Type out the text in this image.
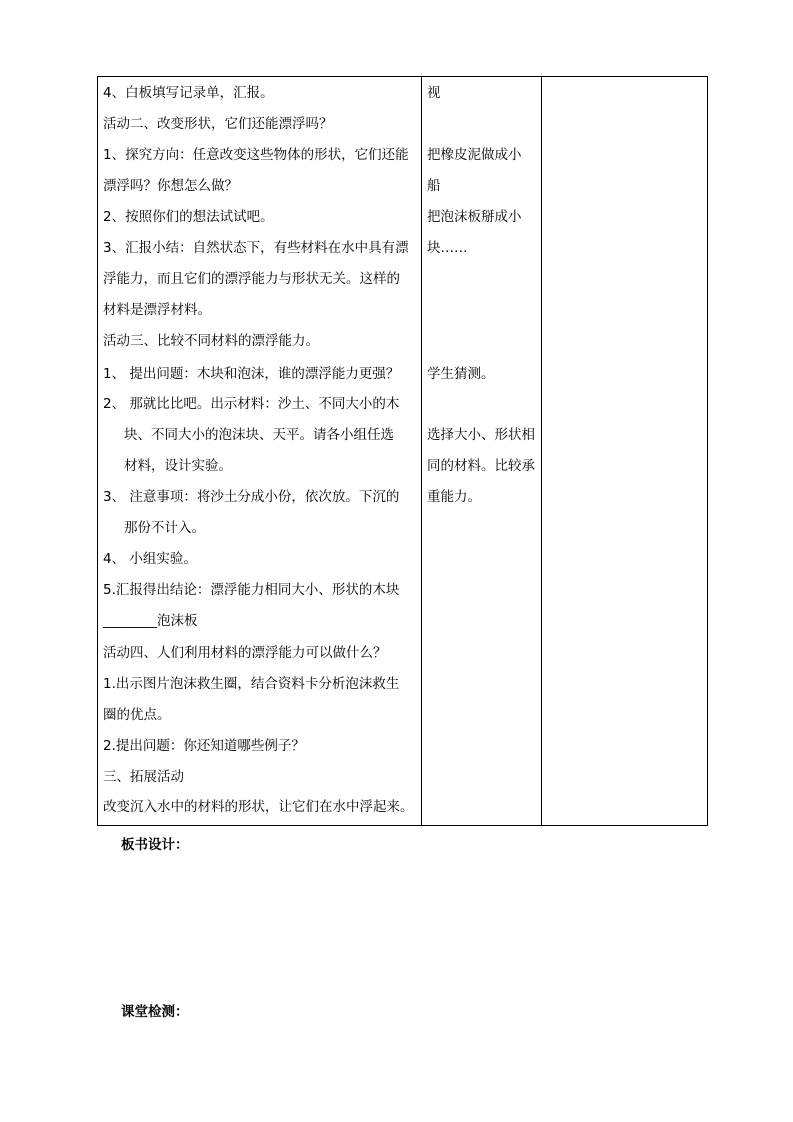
4、白板填写记录单，汇报。
活动二、改变形状，它们还能漂浮吗？
1、探究方向：任意改变这些物体的形状，它们还能
漂浮吗？你想怎么做？
2、按照你们的想法试试吧。
3、汇报小结：自然状态下，有些材料在水中具有漂
浮能力，而且它们的漂浮能力与形状无关。这样的
材料是漂浮材料。
活动三、比较不同材料的漂浮能力。
1、 提出问题：木块和泡沫，谁的漂浮能力更强？
2、 那就比比吧。出示材料：沙土、不同大小的木
块、不同大小的泡沫块、天平。请各小组任选
材料，设计实验。
3、 注意事项：将沙土分成小份，依次放。下沉的
那份不计入。
4、 小组实验。
5.汇报得出结论：漂浮能力相同大小、形状的木块
________泡沫板
活动四、人们利用材料的漂浮能力可以做什么？
1.出示图片泡沫救生圈，结合资料卡分析泡沫救生
圈的优点。
2.提出问题：你还知道哪些例子？
三、拓展活动
改变沉入水中的材料的形状，让它们在水中浮起来。
视
把橡皮泥做成小
船
把泡沫板掰成小
块……
学生猜测。
选择大小、形状相
同的材料。比较承
重能力。
板书设计：
课堂检测：
